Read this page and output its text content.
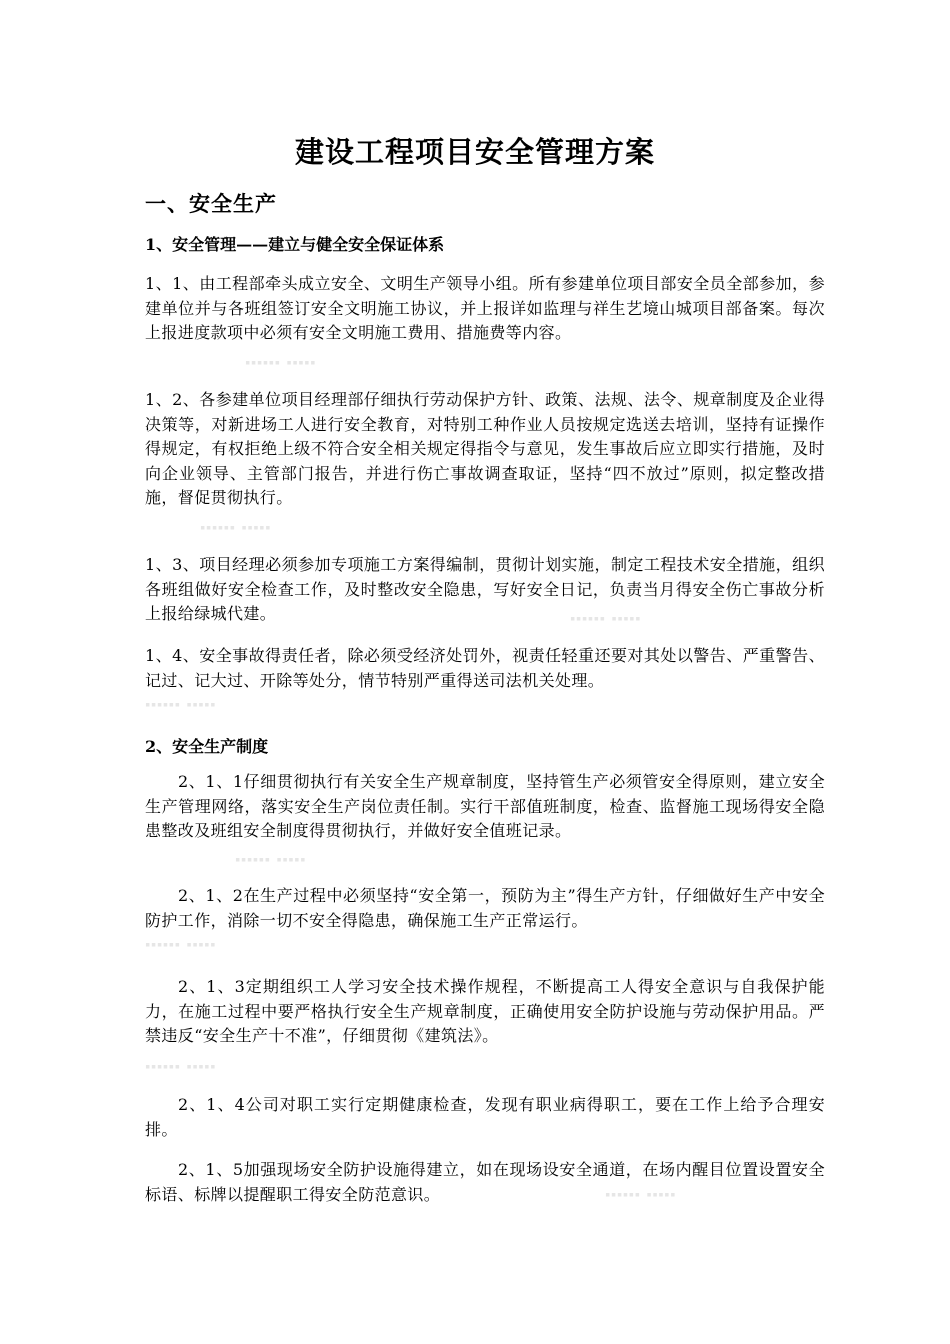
建设工程项目安全管理方案
一、安全生产
1、安全管理——建立与健全安全保证体系

1、1、由工程部牵头成立安全、文明生产领导小组。所有参建单位项目部安全员全部参加，参建单位并与各班组签订安全文明施工协议，并上报详如监理与祥生艺境山城项目部备案。每次上报进度款项中必须有安全文明施工费用、措施费等内容。

1、2、各参建单位项目经理部仔细执行劳动保护方针、政策、法规、法令、规章制度及企业得决策等，对新进场工人进行安全教育，对特别工种作业人员按规定选送去培训，坚持有证操作得规定，有权拒绝上级不符合安全相关规定得指令与意见，发生事故后应立即实行措施，及时向企业领导、主管部门报告，并进行伤亡事故调查取证，坚持“四不放过”原则，拟定整改措施，督促贯彻执行。

1、3、项目经理必须参加专项施工方案得编制，贯彻计划实施，制定工程技术安全措施，组织各班组做好安全检查工作，及时整改安全隐患，写好安全日记，负责当月得安全伤亡事故分析上报给绿城代建。

1、4、安全事故得责任者，除必须受经济处罚外，视责任轻重还要对其处以警告、严重警告、记过、记大过、开除等处分，情节特别严重得送司法机关处理。

2、安全生产制度

2、1、1仔细贯彻执行有关安全生产规章制度，坚持管生产必须管安全得原则，建立安全生产管理网络，落实安全生产岗位责任制。实行干部值班制度，检查、监督施工现场得安全隐患整改及班组安全制度得贯彻执行，并做好安全值班记录。

2、1、2在生产过程中必须坚持“安全第一，预防为主”得生产方针，仔细做好生产中安全防护工作，消除一切不安全得隐患，确保施工生产正常运行。

2、1、3定期组织工人学习安全技术操作规程，不断提高工人得安全意识与自我保护能力，在施工过程中要严格执行安全生产规章制度，正确使用安全防护设施与劳动保护用品。严禁违反“安全生产十不准”，仔细贯彻《建筑法》。

2、1、4公司对职工实行定期健康检查，发现有职业病得职工，要在工作上给予合理安排。

2、1、5加强现场安全防护设施得建立，如在现场设安全通道，在场内醒目位置设置安全标语、标牌以提醒职工得安全防范意识。

▪▪▪▪▪▪ ▪▪▪▪▪
▪▪▪▪▪▪ ▪▪▪▪▪
▪▪▪▪▪▪ ▪▪▪▪▪
▪▪▪▪▪▪ ▪▪▪▪▪
▪▪▪▪▪▪ ▪▪▪▪▪
▪▪▪▪▪▪ ▪▪▪▪▪
▪▪▪▪▪▪ ▪▪▪▪▪
▪▪▪▪▪▪ ▪▪▪▪▪
